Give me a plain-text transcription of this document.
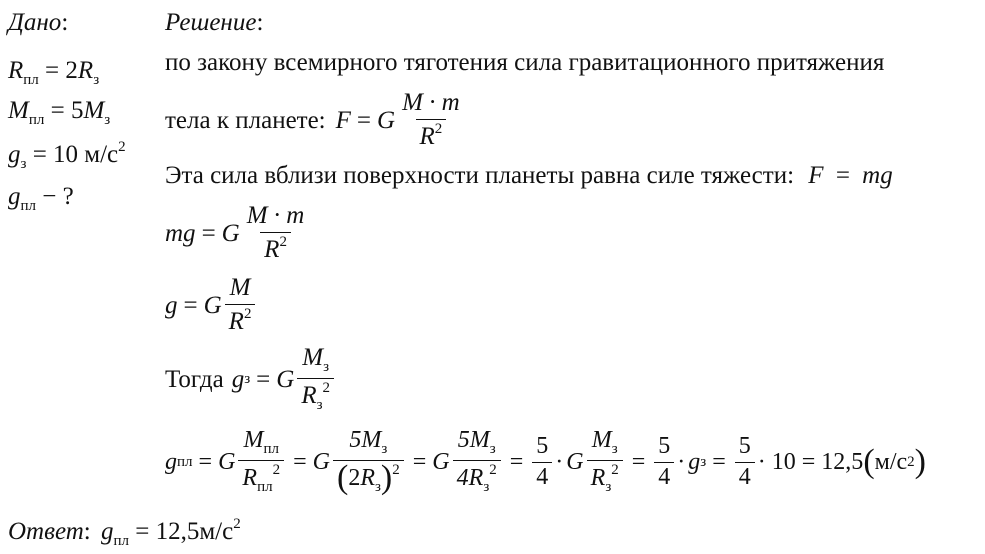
Дано:
$R_{пл} = 2R_з$
$M_{пл} = 5M_з$
$g_з = 10$ $м/с^2$
$g_{пл}$ − ?
Решение:
по закону всемирного тяготения сила гравитационного притяжения
тела к планете: F = G $\frac{M \cdot m}{R^2}$
Эта сила вблизи поверхности планеты равна силе тяжести: F = mg
mg = G $\frac{M \cdot m}{R^2}$
g = G $\frac{M}{R^2}$
Тогда g з = G $\frac{M_з}{R_з^2}$
g пл = G $\frac{M_{пл}}{R_{пл}^2} = G \frac{5M_з}{(2R_з)^2} = G \frac{5M_з}{4R_з^2} = \frac{5}{4} \cdot G \frac{M_з}{R_з^2} = \frac{5}{4} \cdot g$ $з = \frac{5}{4} \cdot 10 = 12,5$ ( м/с 2 )
Ответ: $g_{пл} = 12,5м/с^2$
